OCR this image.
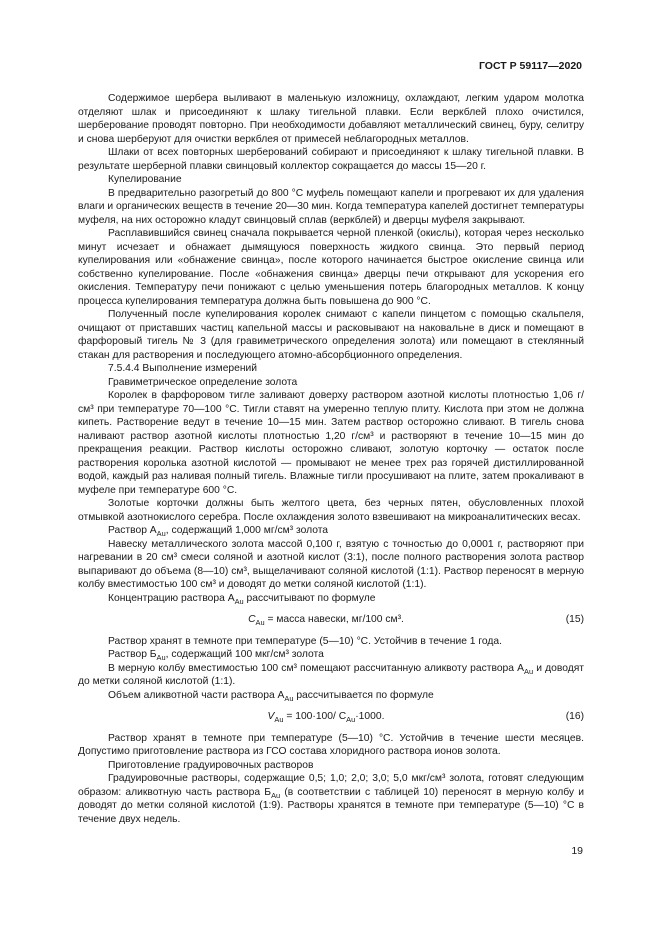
ГОСТ Р 59117—2020

Содержимое шербера выливают в маленькую изложницу, охлаждают, легким ударом молотка отделяют шлак и присоединяют к шлаку тигельной плавки. Если веркблей плохо очистился, шерберование проводят повторно. При необходимости добавляют металлический свинец, буру, селитру и снова шерберуют для очистки веркблея от примесей неблагородных металлов.

Шлаки от всех повторных шерберований собирают и присоединяют к шлаку тигельной плавки. В результате шерберной плавки свинцовый коллектор сокращается до массы 15—20 г.

Купелирование

В предварительно разогретый до 800 °С муфель помещают капели и прогревают их для удаления влаги и органических веществ в течение 20—30 мин. Когда температура капелей достигнет температуры муфеля, на них осторожно кладут свинцовый сплав (веркблей) и дверцы муфеля закрывают.

Расплавившийся свинец сначала покрывается черной пленкой (окислы), которая через несколько минут исчезает и обнажает дымящуюся поверхность жидкого свинца. Это первый период купелирования или «обнажение свинца», после которого начинается быстрое окисление свинца или собственно купелирование. После «обнажения свинца» дверцы печи открывают для ускорения его окисления. Температуру печи понижают с целью уменьшения потерь благородных металлов. К концу процесса купелирования температура должна быть повышена до 900 °С.

Полученный после купелирования королек снимают с капели пинцетом с помощью скальпеля, очищают от приставших частиц капельной массы и расковывают на наковальне в диск и помещают в фарфоровый тигель № 3 (для гравиметрического определения золота) или помещают в стеклянный стакан для растворения и последующего атомно-абсорбционного определения.

7.5.4.4 Выполнение измерений

Гравиметрическое определение золота

Королек в фарфоровом тигле заливают доверху раствором азотной кислоты плотностью 1,06 г/см³ при температуре 70—100 °С. Тигли ставят на умеренно теплую плиту. Кислота при этом не должна кипеть. Растворение ведут в течение 10—15 мин. Затем раствор осторожно сливают. В тигель снова наливают раствор азотной кислоты плотностью 1,20 г/см³ и растворяют в течение 10—15 мин до прекращения реакции. Раствор кислоты осторожно сливают, золотую корточку — остаток после растворения королька азотной кислотой — промывают не менее трех раз горячей дистиллированной водой, каждый раз наливая полный тигель. Влажные тигли просушивают на плите, затем прокаливают в муфеле при температуре 600 °С.

Золотые корточки должны быть желтого цвета, без черных пятен, обусловленных плохой отмывкой азотнокислого серебра. После охлаждения золото взвешивают на микроаналитических весах.

Раствор $А_{Au}$, содержащий 1,000 мг/см³ золота

Навеску металлического золота массой 0,100 г, взятую с точностью до 0,0001 г, растворяют при нагревании в 20 см³ смеси соляной и азотной кислот (3:1), после полного растворения золота раствор выпаривают до объема (8—10) см³, выщелачивают соляной кислотой (1:1). Раствор переносят в мерную колбу вместимостью 100 см³ и доводят до метки соляной кислотой (1:1).

Концентрацию раствора $А_{Au}$ рассчитывают по формуле

$С_{Au}$ = масса навески, мг/100 см³.	(15)

Раствор хранят в темноте при температуре (5—10) °С. Устойчив в течение 1 года.

Раствор $Б_{Au}$, содержащий 100 мкг/см³ золота

В мерную колбу вместимостью 100 см³ помещают рассчитанную аликвоту раствора $А_{Au}$ и доводят до метки соляной кислотой (1:1).

Объем аликвотной части раствора $А_{Au}$ рассчитывается по формуле

$V_{Au} = 100\cdot 100/$ $C_{Au}\cdot 1000$.	(16)

Раствор хранят в темноте при температуре (5—10) °С. Устойчив в течение шести месяцев. Допустимо приготовление раствора из ГСО состава хлоридного раствора ионов золота.

Приготовление градуировочных растворов

Градуировочные растворы, содержащие 0,5; 1,0; 2,0; 3,0; 5,0 мкг/см³ золота, готовят следующим образом: аликвотную часть раствора $Б_{Au}$ (в соответствии с таблицей 10) переносят в мерную колбу и доводят до метки соляной кислотой (1:9). Растворы хранятся в темноте при температуре (5—10) °С в течение двух недель.

19
